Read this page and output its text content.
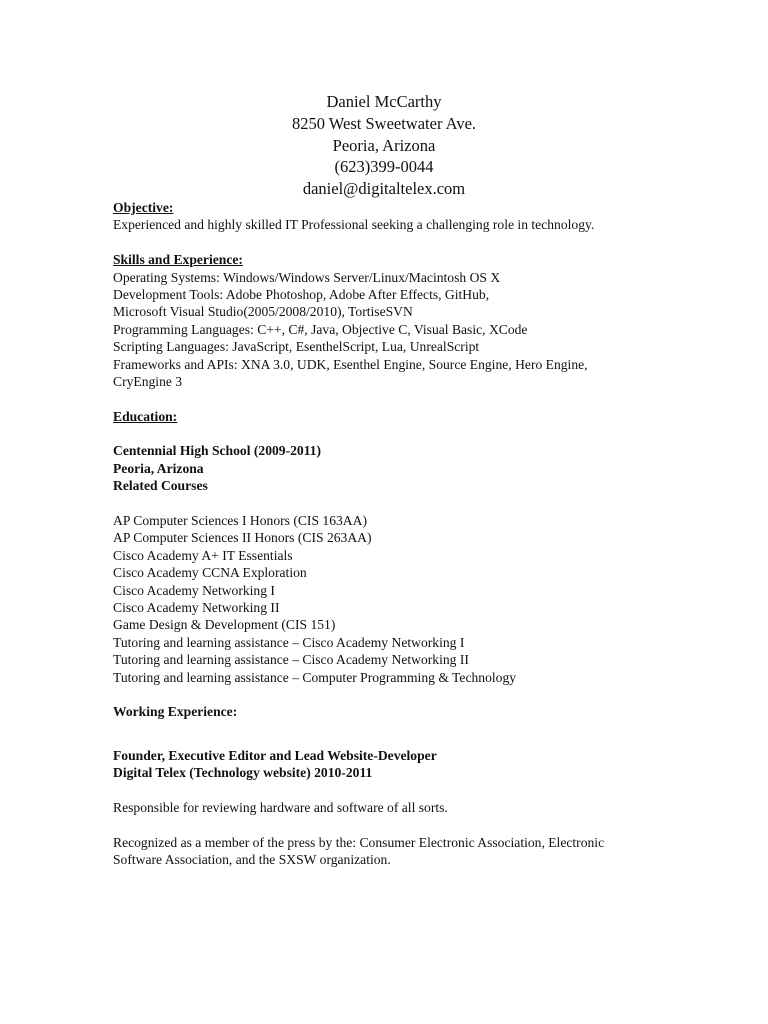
Daniel McCarthy
8250 West Sweetwater Ave.
Peoria, Arizona
(623)399-0044
daniel@digitaltelex.com
Objective:
Experienced and highly skilled IT Professional seeking a challenging role in technology.
Skills and Experience:
Operating Systems: Windows/Windows Server/Linux/Macintosh OS X
Development Tools: Adobe Photoshop, Adobe After Effects, GitHub,
Microsoft Visual Studio(2005/2008/2010), TortiseSVN
Programming Languages: C++, C#, Java, Objective C, Visual Basic, XCode
Scripting Languages: JavaScript, EsenthelScript, Lua, UnrealScript
Frameworks and APIs: XNA 3.0, UDK, Esenthel Engine, Source Engine, Hero Engine,
CryEngine 3
Education:
Centennial High School (2009-2011)
Peoria, Arizona
Related Courses
AP Computer Sciences I Honors (CIS 163AA)
AP Computer Sciences II Honors (CIS 263AA)
Cisco Academy A+ IT Essentials
Cisco Academy CCNA Exploration
Cisco Academy Networking I
Cisco Academy Networking II
Game Design & Development (CIS 151)
Tutoring and learning assistance – Cisco Academy Networking I
Tutoring and learning assistance – Cisco Academy Networking II
Tutoring and learning assistance – Computer Programming & Technology
Working Experience:
Founder, Executive Editor and Lead Website-Developer
Digital Telex (Technology website) 2010-2011
Responsible for reviewing hardware and software of all sorts.
Recognized as a member of the press by the: Consumer Electronic Association, Electronic
Software Association, and the SXSW organization.
